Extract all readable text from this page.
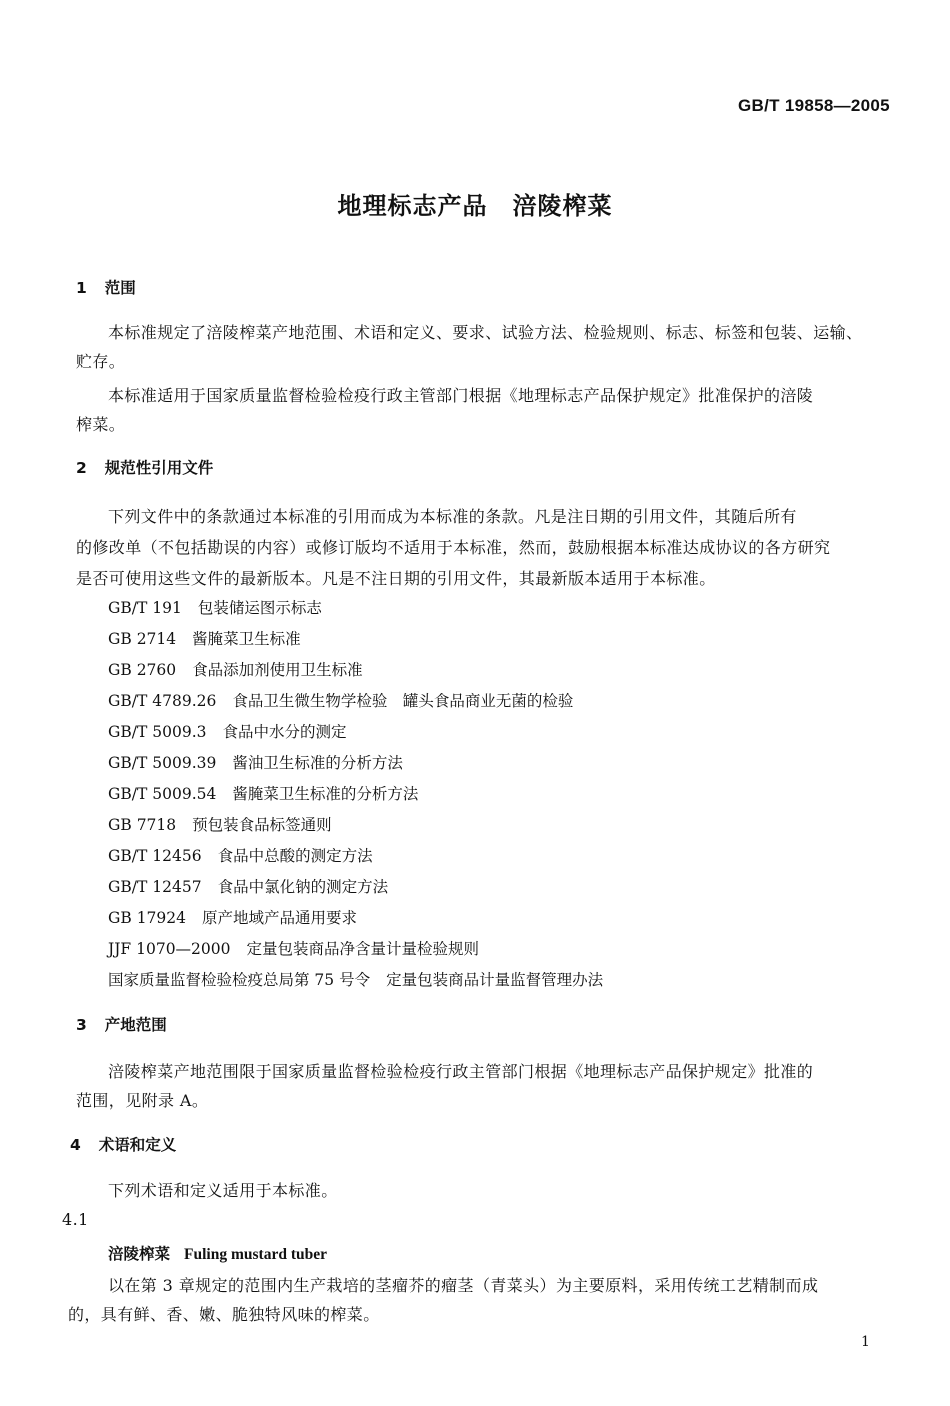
GB/T 19858—2005
地理标志产品　涪陵榨菜
1 范围
本标准规定了涪陵榨菜产地范围、术语和定义、要求、试验方法、检验规则、标志、标签和包装、运输、
贮存。
本标准适用于国家质量监督检验检疫行政主管部门根据《地理标志产品保护规定》批准保护的涪陵
榨菜。
2 规范性引用文件
下列文件中的条款通过本标准的引用而成为本标准的条款。凡是注日期的引用文件，其随后所有
的修改单（不包括勘误的内容）或修订版均不适用于本标准，然而，鼓励根据本标准达成协议的各方研究
是否可使用这些文件的最新版本。凡是不注日期的引用文件，其最新版本适用于本标准。
GB/T 191 包装储运图示标志
GB 2714 酱腌菜卫生标准
GB 2760 食品添加剂使用卫生标准
GB/T 4789.26 食品卫生微生物学检验　罐头食品商业无菌的检验
GB/T 5009.3 食品中水分的测定
GB/T 5009.39 酱油卫生标准的分析方法
GB/T 5009.54 酱腌菜卫生标准的分析方法
GB 7718 预包装食品标签通则
GB/T 12456 食品中总酸的测定方法
GB/T 12457 食品中氯化钠的测定方法
GB 17924 原产地域产品通用要求
JJF 1070—2000 定量包装商品净含量计量检验规则
国家质量监督检验检疫总局第 75 号令 定量包装商品计量监督管理办法
3 产地范围
涪陵榨菜产地范围限于国家质量监督检验检疫行政主管部门根据《地理标志产品保护规定》批准的
范围，见附录 A。
4 术语和定义
下列术语和定义适用于本标准。
4.1
涪陵榨菜 Fuling mustard tuber
以在第 3 章规定的范围内生产栽培的茎瘤芥的瘤茎（青菜头）为主要原料，采用传统工艺精制而成
的，具有鲜、香、嫩、脆独特风味的榨菜。
1
